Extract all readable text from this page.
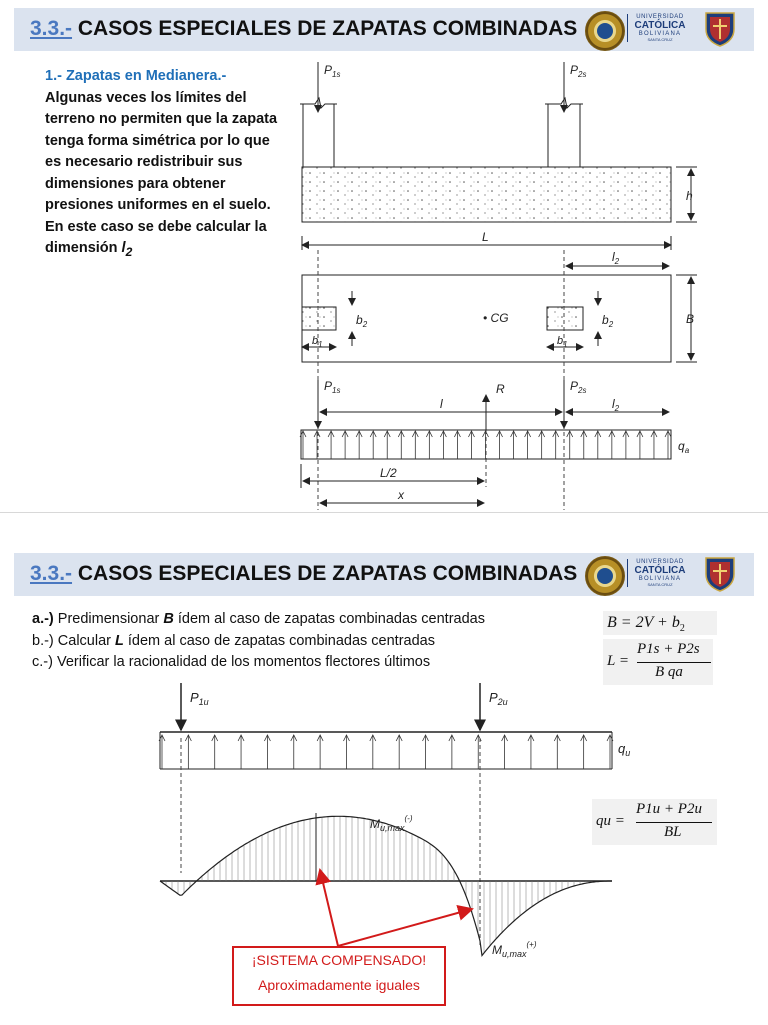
3.3.- CASOS ESPECIALES DE ZAPATAS COMBINADAS	UNIVERSIDAD
CATÓLICA
BOLIVIANA
SANTA CRUZ
1.- Zapatas en Medianera.-
Algunas veces los límites del terreno no permiten que la zapata tenga forma simétrica por lo que es necesario redistribuir sus dimensiones para obtener presiones uniformes en el suelo. En este caso se debe calcular la dimensión $l_2$
$P_{1s}$	$P_{2s}$
h
L
$l_2$
$b_2$
$b_1$
• CG	$b_2$
$b_1$
B
$P_{1s}$	$P_{2s}$
R
l	$l_2$
$q_a$
L/2
x
3.3.- CASOS ESPECIALES DE ZAPATAS COMBINADAS	UNIVERSIDAD
CATÓLICA
BOLIVIANA
SANTA CRUZ
a.-) Predimensionar B ídem al caso de zapatas combinadas centradas
b.-) Calcular L ídem al caso de zapatas combinadas centradas
c.-) Verificar la racionalidad de los momentos flectores últimos
$B = 2V + b_2$
L =
P1s + P2s
B qa
qu =
P1u + P2u
BL
$P_{1u}$	$P_{2u}$
$q_u$
$M_{u,max}^{(-)}$
$M_{u,max}^{(+)}$
¡SISTEMA COMPENSADO!
Aproximadamente iguales
